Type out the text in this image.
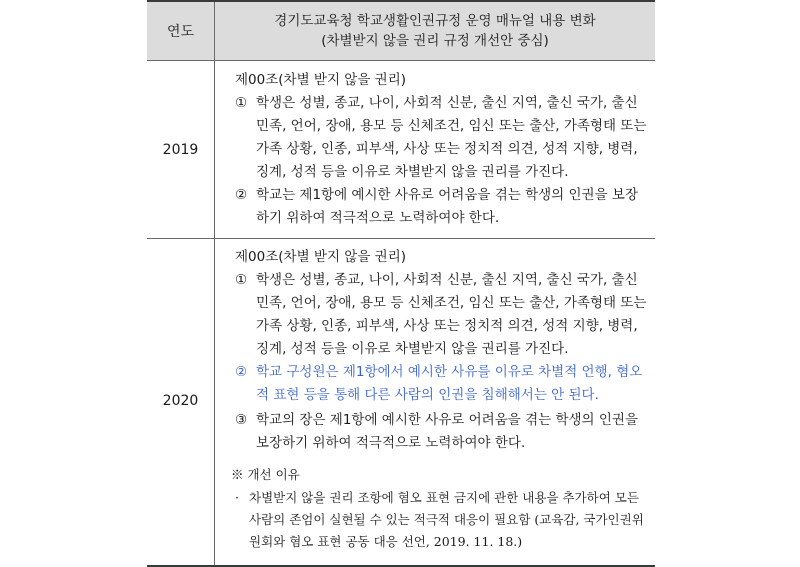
연도
경기도교육청 학교생활인권규정 운영 매뉴얼 내용 변화
(차별받지 않을 권리 규정 개선안 중심)
2019
제00조(차별 받지 않을 권리)
① 학생은 성별, 종교, 나이, 사회적 신분, 출신 지역, 출신 국가, 출신 민족, 언어, 장애, 용모 등 신체조건, 임신 또는 출산, 가족형태 또는 가족 상황, 인종, 피부색, 사상 또는 정치적 의견, 성적 지향, 병력, 징계, 성적 등을 이유로 차별받지 않을 권리를 가진다.
② 학교는 제1항에 예시한 사유로 어려움을 겪는 학생의 인권을 보장하기 위하여 적극적으로 노력하여야 한다.
2020
제00조(차별 받지 않을 권리)
① 학생은 성별, 종교, 나이, 사회적 신분, 출신 지역, 출신 국가, 출신 민족, 언어, 장애, 용모 등 신체조건, 임신 또는 출산, 가족형태 또는 가족 상황, 인종, 피부색, 사상 또는 정치적 의견, 성적 지향, 병력, 징계, 성적 등을 이유로 차별받지 않을 권리를 가진다.
② 학교 구성원은 제1항에서 예시한 사유를 이유로 차별적 언행, 혐오적 표현 등을 통해 다른 사람의 인권을 침해해서는 안 된다.
③ 학교의 장은 제1항에 예시한 사유로 어려움을 겪는 학생의 인권을 보장하기 위하여 적극적으로 노력하여야 한다.
※ 개선 이유
· 차별받지 않을 권리 조항에 혐오 표현 금지에 관한 내용을 추가하여 모든 사람의 존엄이 실현될 수 있는 적극적 대응이 필요함 (교육감, 국가인권위원회와 혐오 표현 공동 대응 선언, 2019. 11. 18.)
